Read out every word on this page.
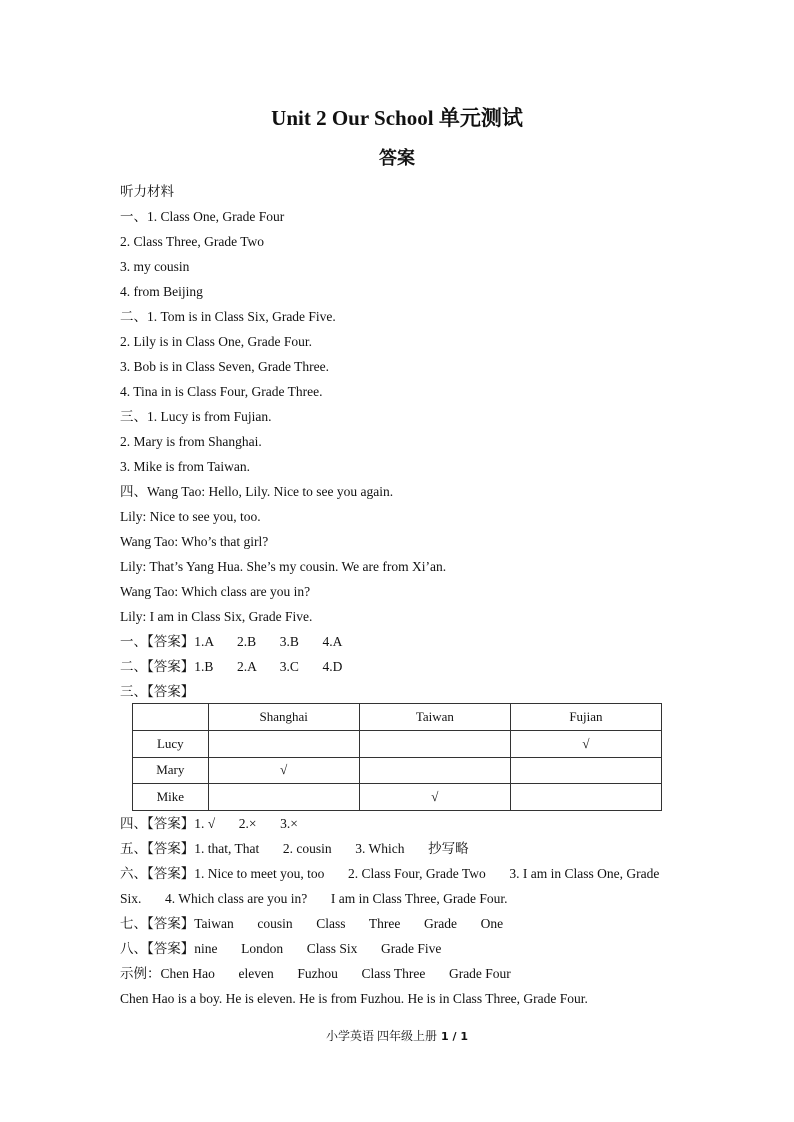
Unit 2 Our School 单元测试
答案

听力材料

一、1. Class One, Grade Four

2. Class Three, Grade Two

3. my cousin

4. from Beijing

二、1. Tom is in Class Six, Grade Five.

2. Lily is in Class One, Grade Four.

3. Bob is in Class Seven, Grade Three.

4. Tina in is Class Four, Grade Three.

三、1. Lucy is from Fujian.

2. Mary is from Shanghai.

3. Mike is from Taiwan.

四、Wang Tao: Hello, Lily. Nice to see you again.

Lily: Nice to see you, too.

Wang Tao: Who’s that girl?

Lily: That’s Yang Hua. She’s my cousin. We are from Xi’an.

Wang Tao: Which class are you in?

Lily: I am in Class Six, Grade Five.

一、【答案】1.A       2.B       3.B       4.A

二、【答案】1.B       2.A       3.C       4.D

三、【答案】

	Shanghai	Taiwan	Fujian
Lucy			√
Mary	√		
Mike		√	

四、【答案】1. √       2.×       3.×

五、【答案】1. that, That       2. cousin       3. Which       抄写略

六、【答案】1. Nice to meet you, too       2. Class Four, Grade Two       3. I am in Class One, Grade

Six.       4. Which class are you in?       I am in Class Three, Grade Four.

七、【答案】Taiwan       cousin       Class       Three       Grade       One

八、【答案】nine       London       Class Six       Grade Five

示例：Chen Hao       eleven       Fuzhou       Class Three       Grade Four

Chen Hao is a boy. He is eleven. He is from Fuzhou. He is in Class Three, Grade Four.

小学英语 四年级上册 1 / 1
